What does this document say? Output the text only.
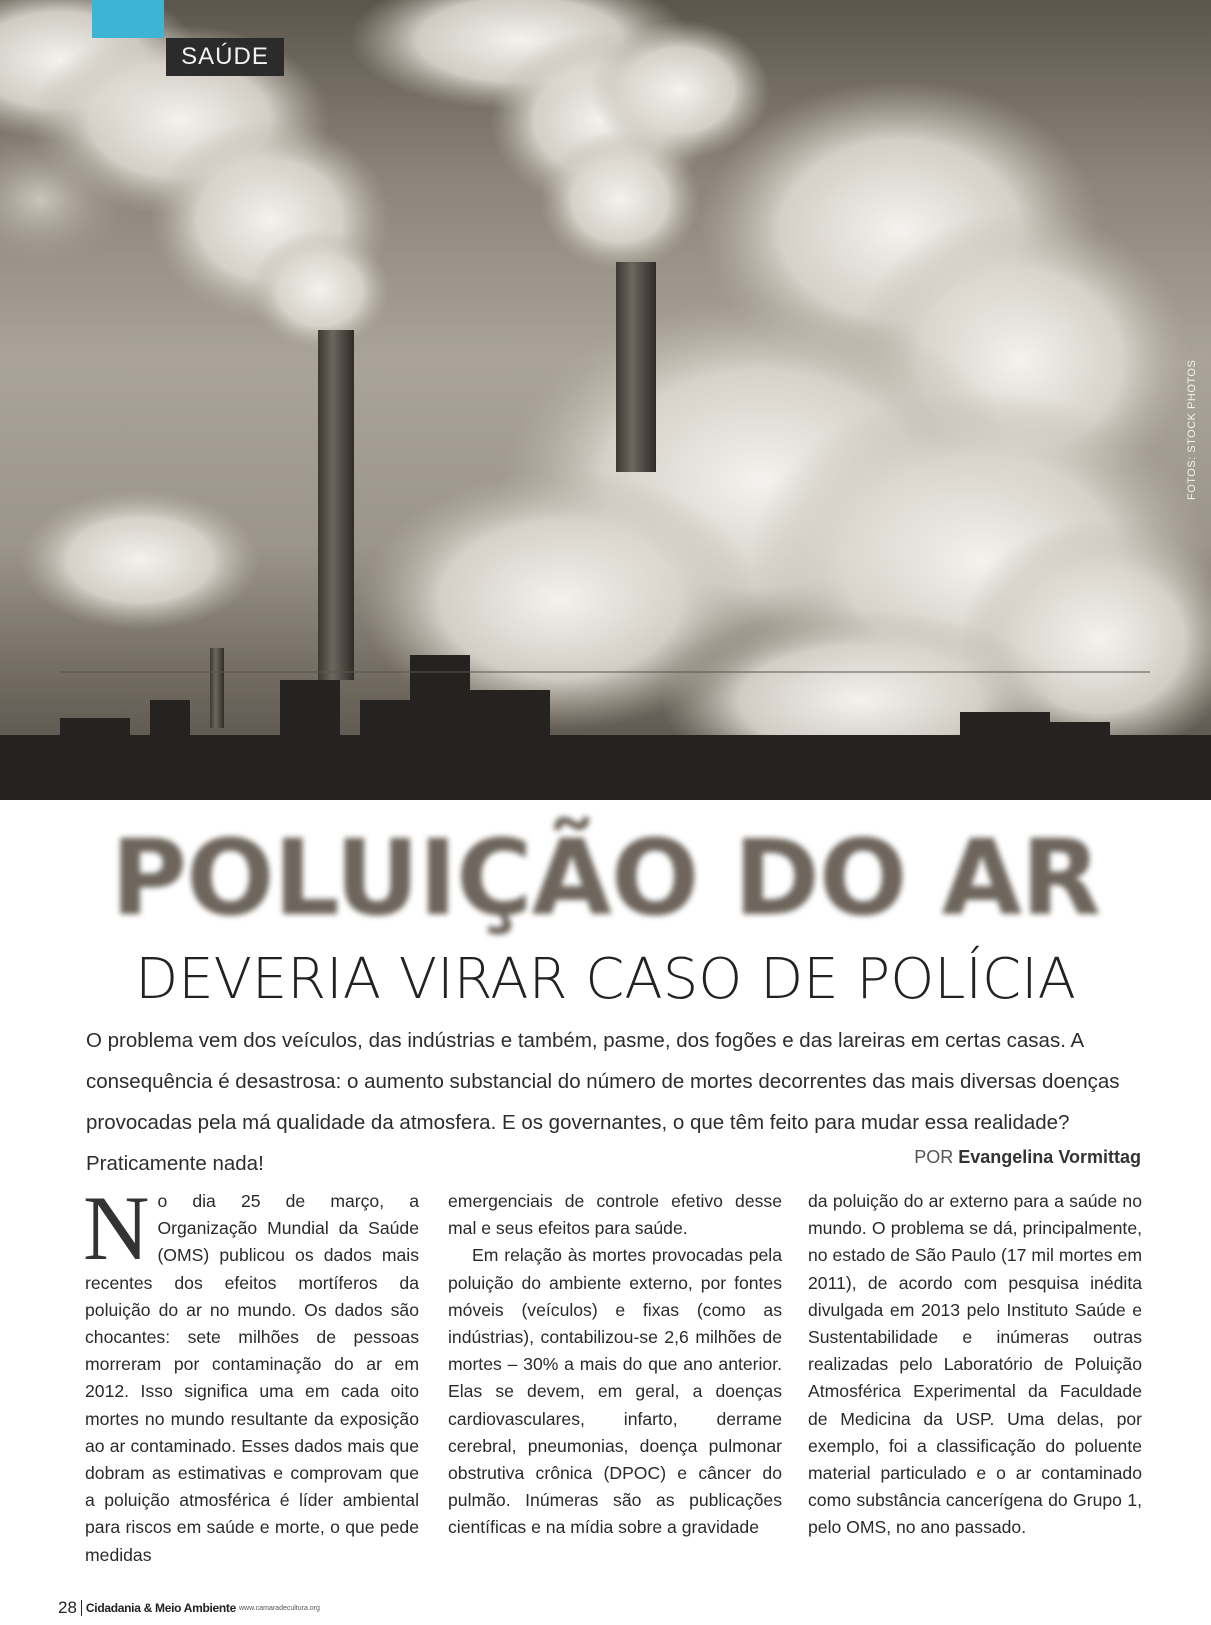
SAÚDE
FOTOS: STOCK PHOTOS
POLUIÇÃO DO AR
DEVERIA VIRAR CASO DE POLÍCIA

O problema vem dos veículos, das indústrias e também, pasme, dos fogões e das lareiras em certas casas. A consequência é desastrosa: o aumento substancial do número de mortes decorrentes das mais diversas doenças provocadas pela má qualidade da atmosfera. E os governantes, o que têm feito para mudar essa realidade? Praticamente nada!	POR Evangelina Vormittag
N o dia 25 de março, a Organização Mundial da Saúde (OMS) publicou os dados mais recentes dos efeitos mortíferos da poluição do ar no mundo. Os dados são chocantes: sete milhões de pessoas morreram por contaminação do ar em 2012. Isso significa uma em cada oito mortes no mundo resultante da exposição ao ar contaminado. Esses dados mais que dobram as estimativas e comprovam que a poluição atmosférica é líder ambiental para riscos em saúde e morte, o que pede medidas
emergenciais de controle efetivo desse mal e seus efeitos para saúde.
Em relação às mortes provocadas pela poluição do ambiente externo, por fontes móveis (veículos) e fixas (como as indústrias), contabilizou-se 2,6 milhões de mortes – 30% a mais do que ano anterior. Elas se devem, em geral, a doenças cardiovasculares, infarto, derrame cerebral, pneumonias, doença pulmonar obstrutiva crônica (DPOC) e câncer do pulmão. Inúmeras são as publicações científicas e na mídia sobre a gravidade
da poluição do ar externo para a saúde no mundo. O problema se dá, principalmente, no estado de São Paulo (17 mil mortes em 2011), de acordo com pesquisa inédita divulgada em 2013 pelo Instituto Saúde e Sustentabilidade e inúmeras outras realizadas pelo Laboratório de Poluição Atmosférica Experimental da Faculdade de Medicina da USP. Uma delas, por exemplo, foi a classificação do poluente material particulado e o ar contaminado como substância cancerígena do Grupo 1, pelo OMS, no ano passado.
28 Cidadania & Meio Ambiente www.camaradecultura.org
